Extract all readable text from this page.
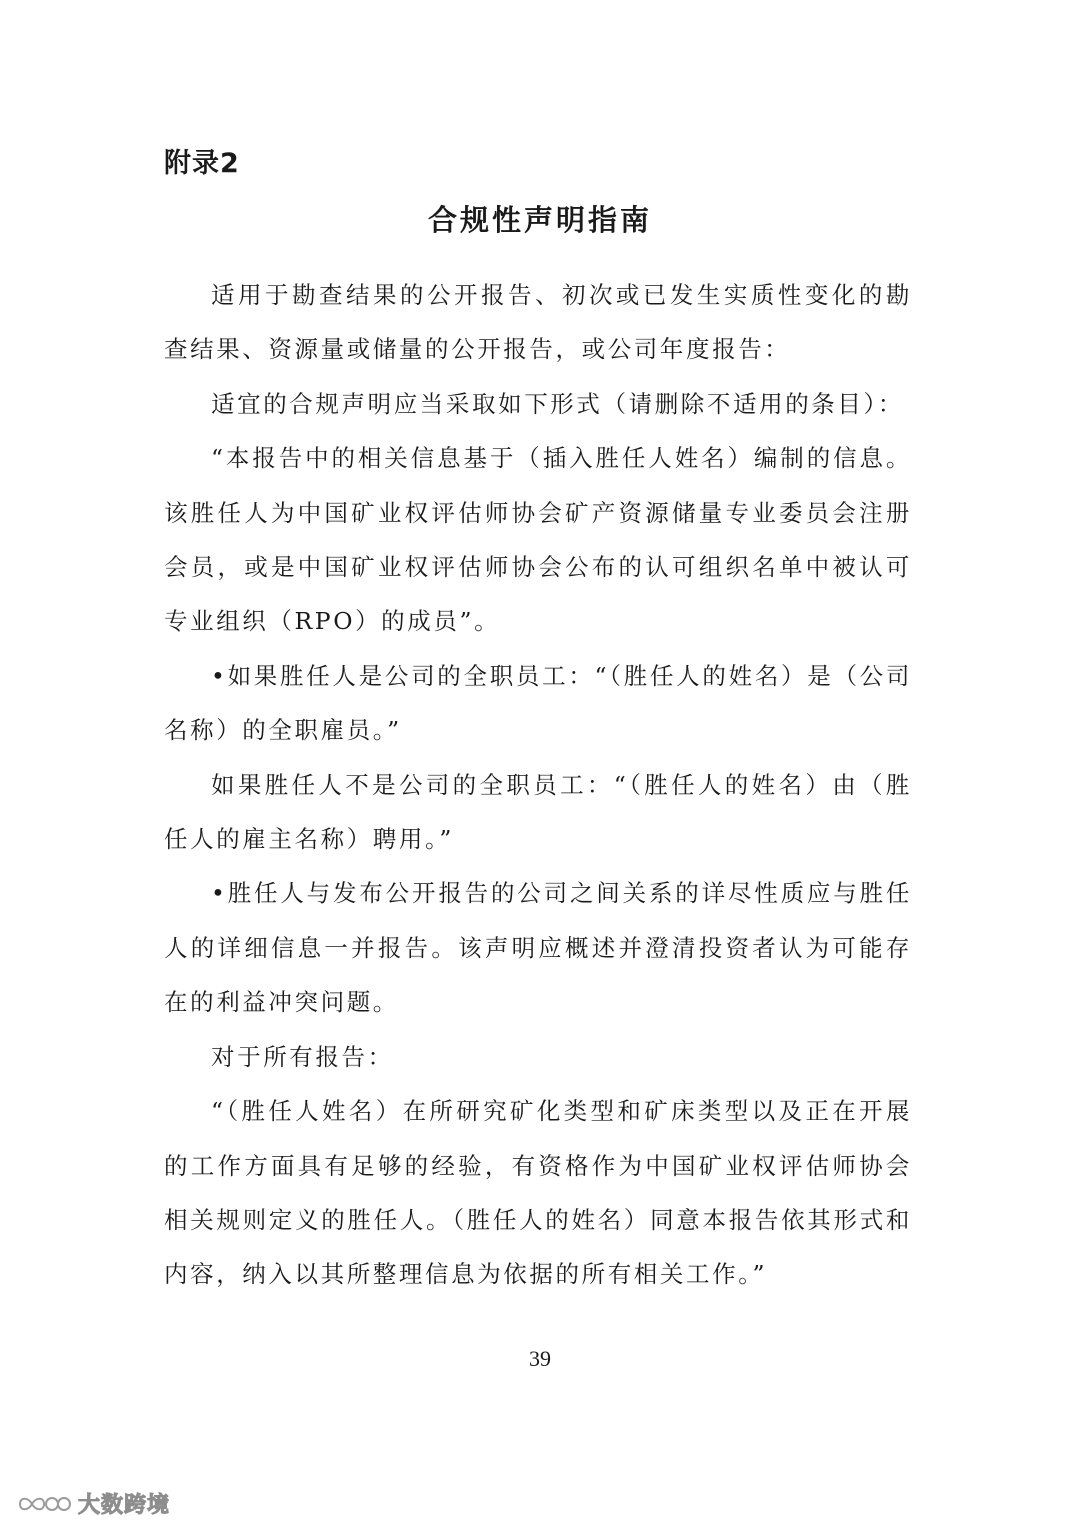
附录2
合规性声明指南

适用于勘查结果的公开报告、初次或已发生实质性变化的勘查结果、资源量或储量的公开报告，或公司年度报告：

适宜的合规声明应当采取如下形式（请删除不适用的条目）：

“本报告中的相关信息基于（插入胜任人姓名）编制的信息。该胜任人为中国矿业权评估师协会矿产资源储量专业委员会注册会员，或是中国矿业权评估师协会公布的认可组织名单中被认可专业组织（RPO）的成员”。

•如果胜任人是公司的全职员工：“（胜任人的姓名）是（公司名称）的全职雇员。”

如果胜任人不是公司的全职员工：“（胜任人的姓名）由（胜任人的雇主名称）聘用。”

•胜任人与发布公开报告的公司之间关系的详尽性质应与胜任人的详细信息一并报告。该声明应概述并澄清投资者认为可能存在的利益冲突问题。

对于所有报告：

“（胜任人姓名）在所研究矿化类型和矿床类型以及正在开展的工作方面具有足够的经验，有资格作为中国矿业权评估师协会相关规则定义的胜任人。（胜任人的姓名）同意本报告依其形式和内容，纳入以其所整理信息为依据的所有相关工作。”

39
大数跨境
